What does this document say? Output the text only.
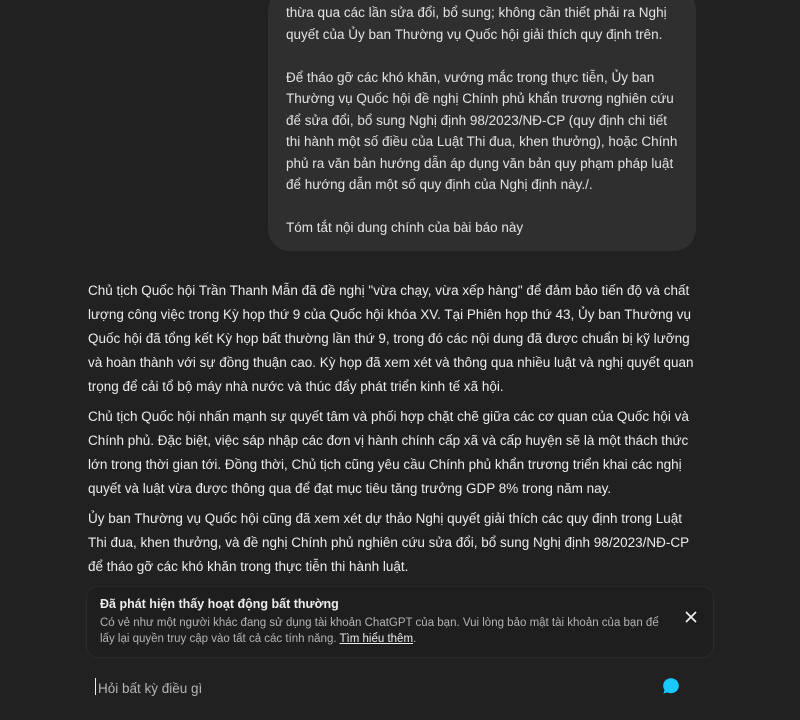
thừa qua các lần sửa đổi, bổ sung; không cần thiết phải ra Nghị quyết của Ủy ban Thường vụ Quốc hội giải thích quy định trên.

Để tháo gỡ các khó khăn, vướng mắc trong thực tiễn, Ủy ban Thường vụ Quốc hội đề nghị Chính phủ khẩn trương nghiên cứu để sửa đổi, bổ sung Nghị định 98/2023/NĐ-CP (quy định chi tiết thi hành một số điều của Luật Thi đua, khen thưởng), hoặc Chính phủ ra văn bản hướng dẫn áp dụng văn bản quy phạm pháp luật để hướng dẫn một số quy định của Nghị định này./.

Tóm tắt nội dung chính của bài báo này

Chủ tịch Quốc hội Trần Thanh Mẫn đã đề nghị "vừa chạy, vừa xếp hàng" để đảm bảo tiến độ và chất lượng công việc trong Kỳ họp thứ 9 của Quốc hội khóa XV. Tại Phiên họp thứ 43, Ủy ban Thường vụ Quốc hội đã tổng kết Kỳ họp bất thường lần thứ 9, trong đó các nội dung đã được chuẩn bị kỹ lưỡng và hoàn thành với sự đồng thuận cao. Kỳ họp đã xem xét và thông qua nhiều luật và nghị quyết quan trọng để cải tổ bộ máy nhà nước và thúc đẩy phát triển kinh tế xã hội.

Chủ tịch Quốc hội nhấn mạnh sự quyết tâm và phối hợp chặt chẽ giữa các cơ quan của Quốc hội và Chính phủ. Đặc biệt, việc sáp nhập các đơn vị hành chính cấp xã và cấp huyện sẽ là một thách thức lớn trong thời gian tới. Đồng thời, Chủ tịch cũng yêu cầu Chính phủ khẩn trương triển khai các nghị quyết và luật vừa được thông qua để đạt mục tiêu tăng trưởng GDP 8% trong năm nay.

Ủy ban Thường vụ Quốc hội cũng đã xem xét dự thảo Nghị quyết giải thích các quy định trong Luật Thi đua, khen thưởng, và đề nghị Chính phủ nghiên cứu sửa đổi, bổ sung Nghị định 98/2023/NĐ-CP để tháo gỡ các khó khăn trong thực tiễn thi hành luật.

Đã phát hiện thấy hoạt động bất thường

Có vẻ như một người khác đang sử dụng tài khoản ChatGPT của bạn. Vui lòng bảo mật tài khoản của bạn để lấy lại quyền truy cập vào tất cả các tính năng. Tìm hiểu thêm.

Hỏi bất kỳ điều gì
